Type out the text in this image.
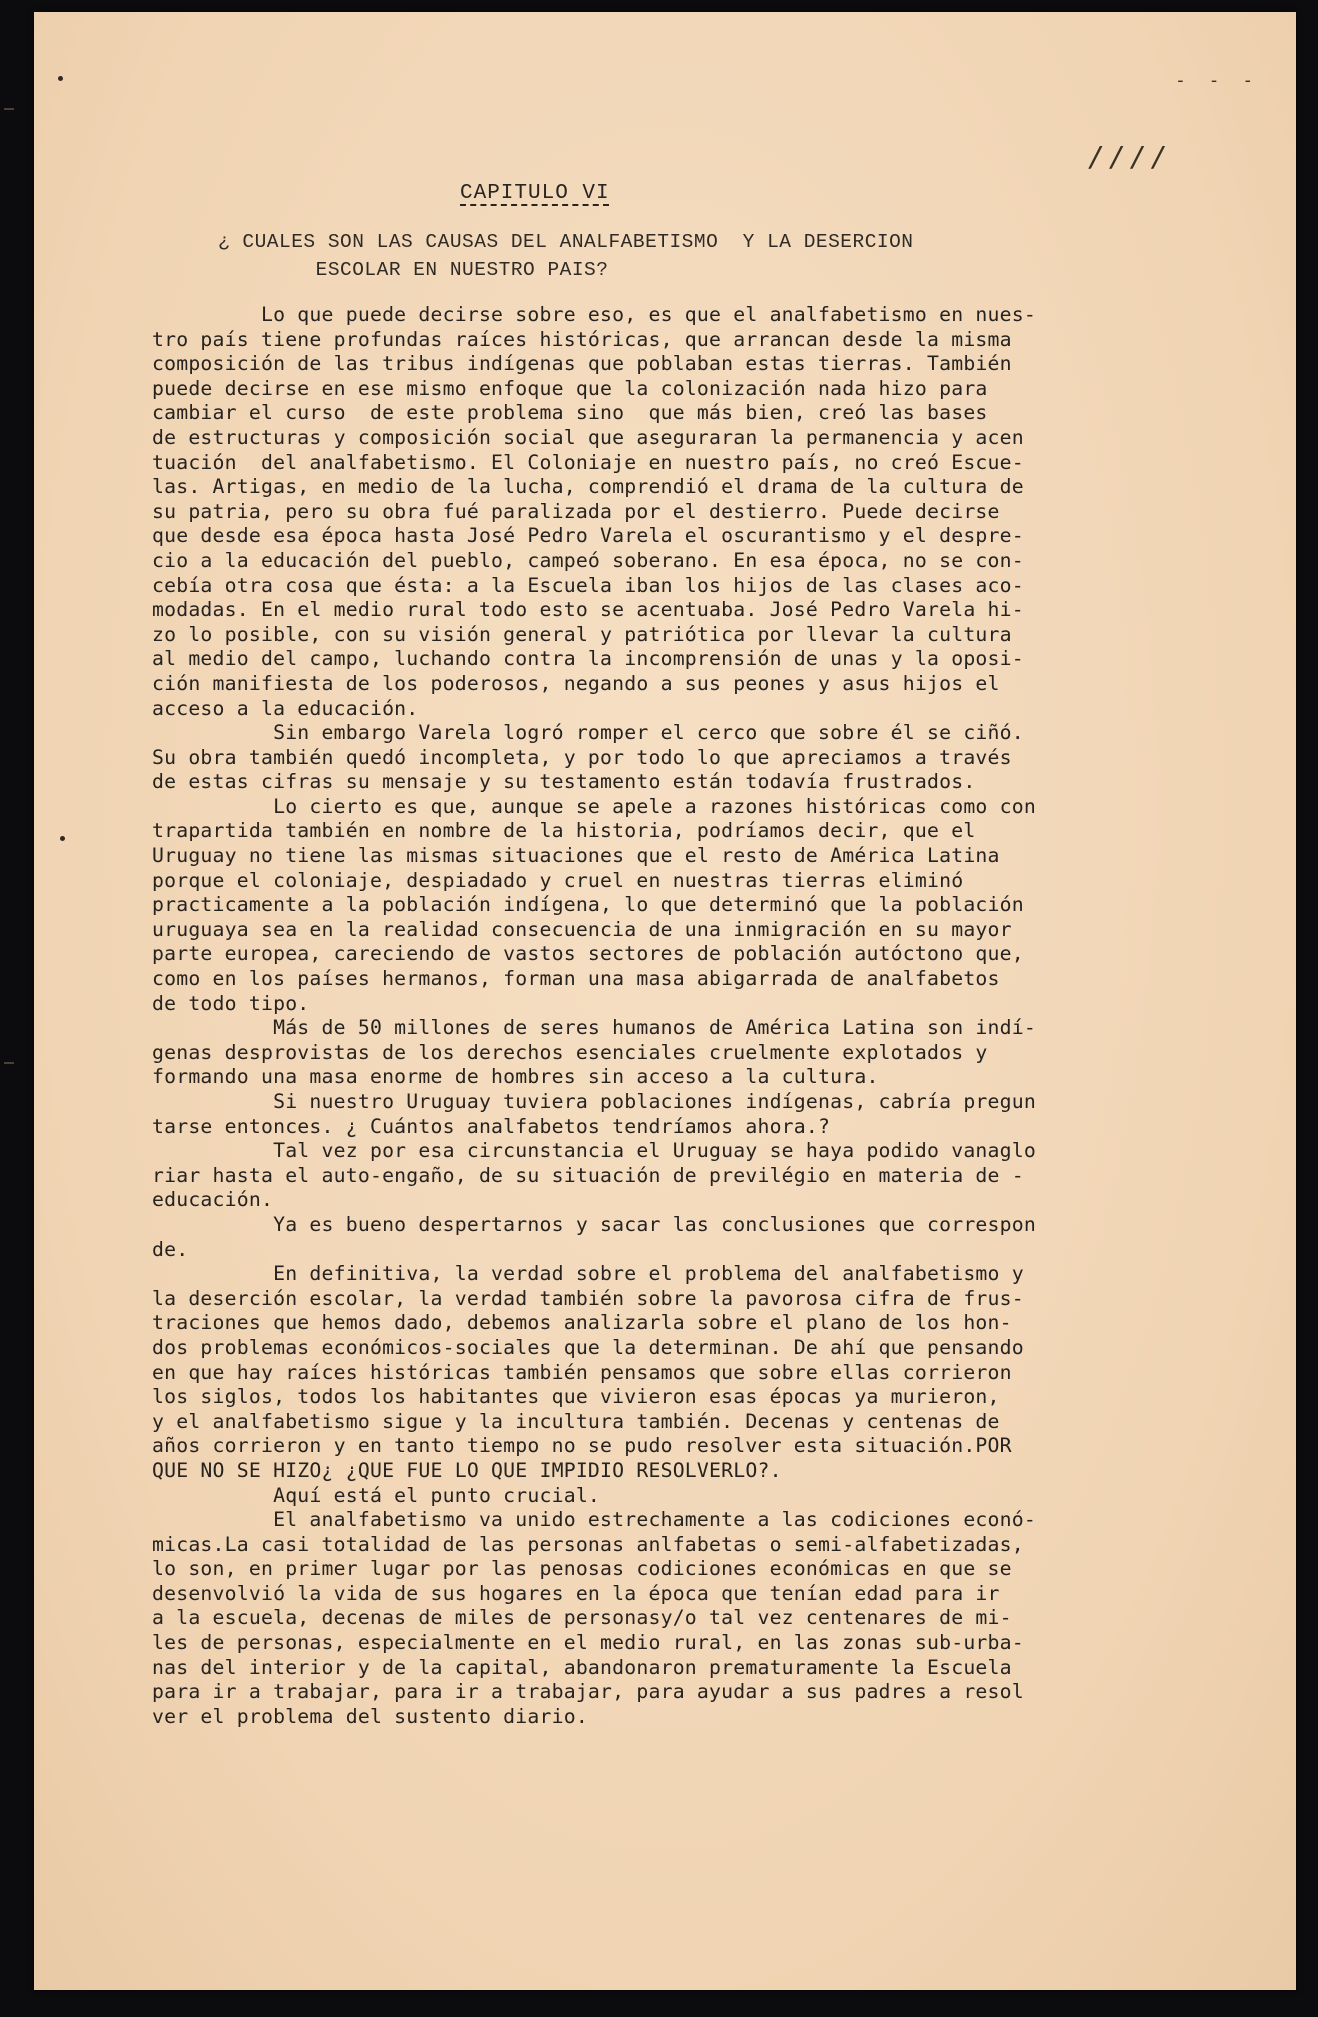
////
- - -
CAPITULO VI
¿ CUALES SON LAS CAUSAS DEL ANALFABETISMO  Y LA DESERCION
ESCOLAR EN NUESTRO PAIS?
Lo que puede decirse sobre eso, es que el analfabetismo en nues-
tro país tiene profundas raíces históricas, que arrancan desde la misma
composición de las tribus indígenas que poblaban estas tierras. También
puede decirse en ese mismo enfoque que la colonización nada hizo para
cambiar el curso  de este problema sino  que más bien, creó las bases
de estructuras y composición social que aseguraran la permanencia y acen
tuación  del analfabetismo. El Coloniaje en nuestro país, no creó Escue-
las. Artigas, en medio de la lucha, comprendió el drama de la cultura de
su patria, pero su obra fué paralizada por el destierro. Puede decirse
que desde esa época hasta José Pedro Varela el oscurantismo y el despre-
cio a la educación del pueblo, campeó soberano. En esa época, no se con-
cebía otra cosa que ésta: a la Escuela iban los hijos de las clases aco-
modadas. En el medio rural todo esto se acentuaba. José Pedro Varela hi-
zo lo posible, con su visión general y patriótica por llevar la cultura
al medio del campo, luchando contra la incomprensión de unas y la oposi-
ción manifiesta de los poderosos, negando a sus peones y asus hijos el
acceso a la educación.
Sin embargo Varela logró romper el cerco que sobre él se ciñó.
Su obra también quedó incompleta, y por todo lo que apreciamos a través
de estas cifras su mensaje y su testamento están todavía frustrados.
Lo cierto es que, aunque se apele a razones históricas como con
trapartida también en nombre de la historia, podríamos decir, que el
Uruguay no tiene las mismas situaciones que el resto de América Latina
porque el coloniaje, despiadado y cruel en nuestras tierras eliminó
practicamente a la población indígena, lo que determinó que la población
uruguaya sea en la realidad consecuencia de una inmigración en su mayor
parte europea, careciendo de vastos sectores de población autóctono que,
como en los países hermanos, forman una masa abigarrada de analfabetos
de todo tipo.
Más de 50 millones de seres humanos de América Latina son indí-
genas desprovistas de los derechos esenciales cruelmente explotados y
formando una masa enorme de hombres sin acceso a la cultura.
Si nuestro Uruguay tuviera poblaciones indígenas, cabría pregun
tarse entonces. ¿ Cuántos analfabetos tendríamos ahora.?
Tal vez por esa circunstancia el Uruguay se haya podido vanaglo
riar hasta el auto-engaño, de su situación de previlégio en materia de -
educación.
Ya es bueno despertarnos y sacar las conclusiones que correspon
de.
En definitiva, la verdad sobre el problema del analfabetismo y
la deserción escolar, la verdad también sobre la pavorosa cifra de frus-
traciones que hemos dado, debemos analizarla sobre el plano de los hon-
dos problemas económicos-sociales que la determinan. De ahí que pensando
en que hay raíces históricas también pensamos que sobre ellas corrieron
los siglos, todos los habitantes que vivieron esas épocas ya murieron,
y el analfabetismo sigue y la incultura también. Decenas y centenas de
años corrieron y en tanto tiempo no se pudo resolver esta situación.POR
QUE NO SE HIZO¿ ¿QUE FUE LO QUE IMPIDIO RESOLVERLO?.
Aquí está el punto crucial.
El analfabetismo va unido estrechamente a las codiciones econó-
micas.La casi totalidad de las personas anlfabetas o semi-alfabetizadas,
lo son, en primer lugar por las penosas codiciones económicas en que se
desenvolvió la vida de sus hogares en la época que tenían edad para ir
a la escuela, decenas de miles de personasy/o tal vez centenares de mi-
les de personas, especialmente en el medio rural, en las zonas sub-urba-
nas del interior y de la capital, abandonaron prematuramente la Escuela
para ir a trabajar, para ir a trabajar, para ayudar a sus padres a resol
ver el problema del sustento diario.
